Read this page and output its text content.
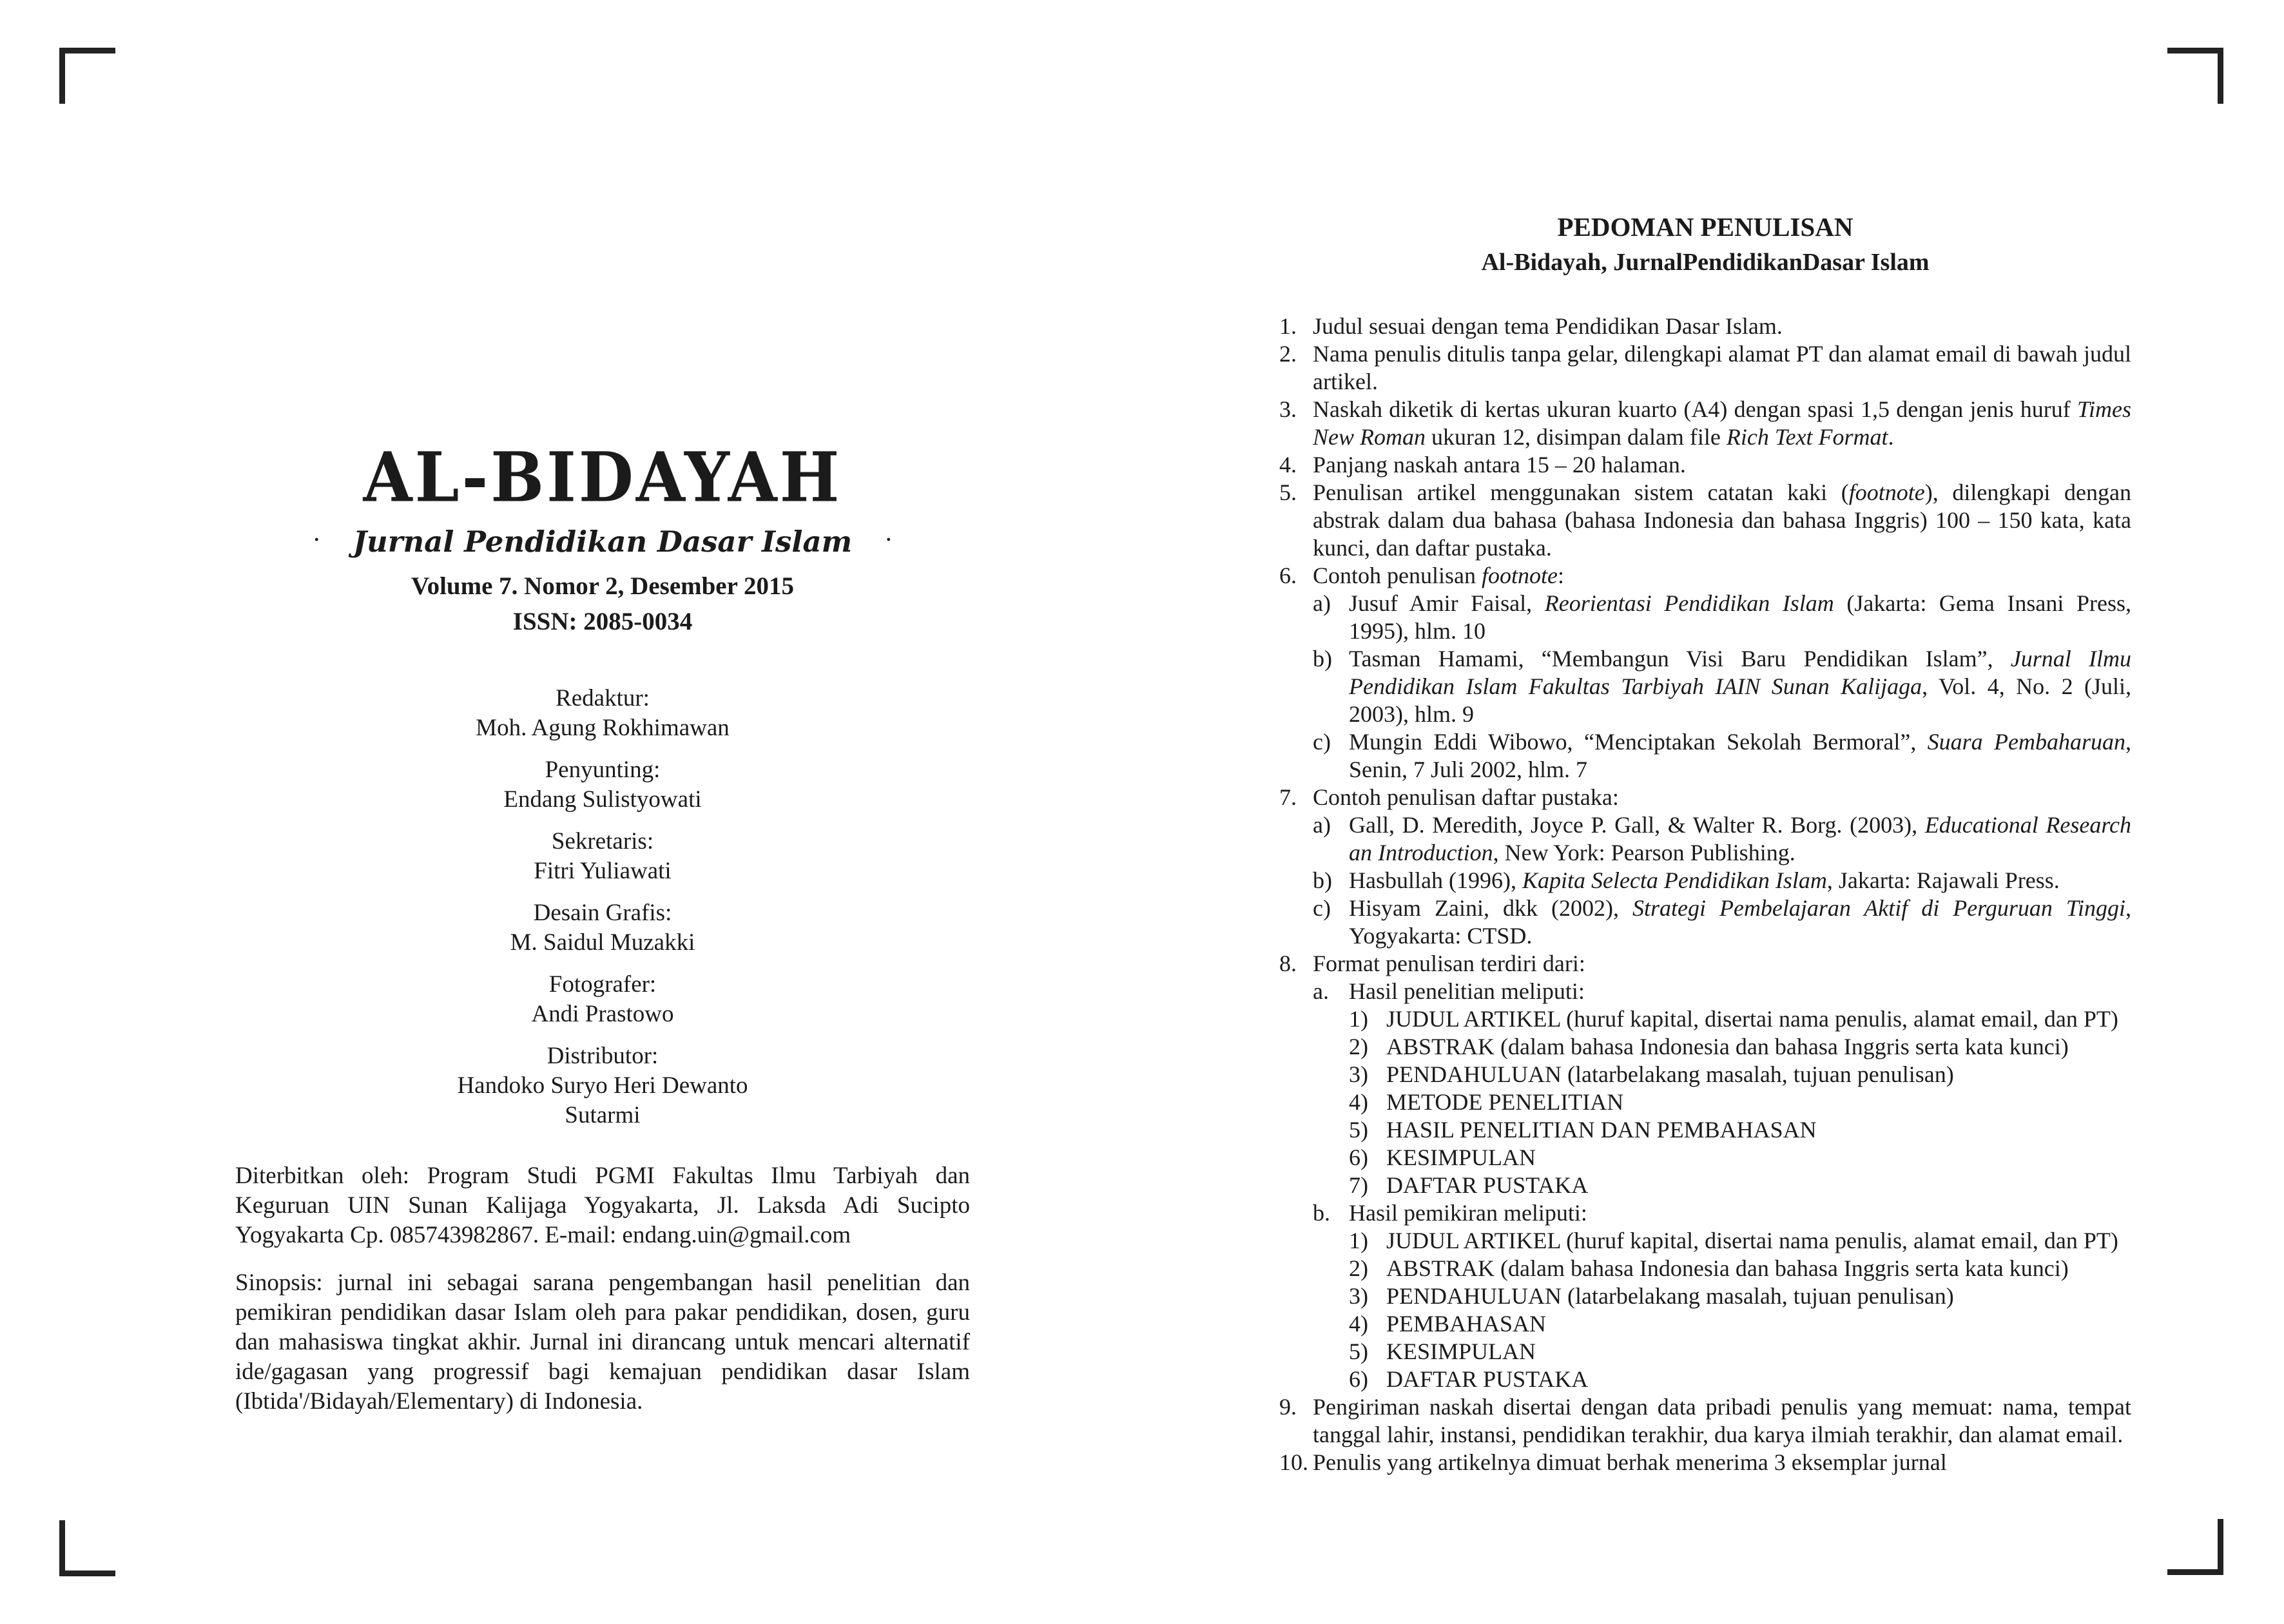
AL-BIDAYAH
· Jurnal Pendidikan Dasar Islam ·
Volume 7. Nomor 2, Desember 2015
ISSN: 2085-0034
Redaktur:
Moh. Agung Rokhimawan
Penyunting:
Endang Sulistyowati
Sekretaris:
Fitri Yuliawati
Desain Grafis:
M. Saidul Muzakki
Fotografer:
Andi Prastowo
Distributor:
Handoko Suryo Heri Dewanto
Sutarmi
Diterbitkan oleh: Program Studi PGMI Fakultas Ilmu Tarbiyah dan Keguruan UIN Sunan Kalijaga Yogyakarta, Jl. Laksda Adi Sucipto Yogyakarta Cp. 085743982867. E-mail: endang.uin@gmail.com
Sinopsis: jurnal ini sebagai sarana pengembangan hasil penelitian dan pemikiran pendidikan dasar Islam oleh para pakar pendidikan, dosen, guru dan mahasiswa tingkat akhir. Jurnal ini dirancang untuk mencari alternatif ide/gagasan yang progressif bagi kemajuan pendidikan dasar Islam (Ibtida'/Bidayah/Elementary) di Indonesia.
PEDOMAN PENULISAN
Al-Bidayah, JurnalPendidikanDasar Islam
1. Judul sesuai dengan tema Pendidikan Dasar Islam.
2. Nama penulis ditulis tanpa gelar, dilengkapi alamat PT dan alamat email di bawah judul artikel.
3. Naskah diketik di kertas ukuran kuarto (A4) dengan spasi 1,5 dengan jenis huruf Times New Roman ukuran 12, disimpan dalam file Rich Text Format.
4. Panjang naskah antara 15 – 20 halaman.
5. Penulisan artikel menggunakan sistem catatan kaki (footnote), dilengkapi dengan abstrak dalam dua bahasa (bahasa Indonesia dan bahasa Inggris) 100 – 150 kata, kata kunci, dan daftar pustaka.
6. Contoh penulisan footnote:
a) Jusuf Amir Faisal, Reorientasi Pendidikan Islam (Jakarta: Gema Insani Press, 1995), hlm. 10
b) Tasman Hamami, “Membangun Visi Baru Pendidikan Islam”, Jurnal Ilmu Pendidikan Islam Fakultas Tarbiyah IAIN Sunan Kalijaga, Vol. 4, No. 2 (Juli, 2003), hlm. 9
c) Mungin Eddi Wibowo, “Menciptakan Sekolah Bermoral”, Suara Pembaharuan, Senin, 7 Juli 2002, hlm. 7
7. Contoh penulisan daftar pustaka:
a) Gall, D. Meredith, Joyce P. Gall, & Walter R. Borg. (2003), Educational Research an Introduction, New York: Pearson Publishing.
b) Hasbullah (1996), Kapita Selecta Pendidikan Islam, Jakarta: Rajawali Press.
c) Hisyam Zaini, dkk (2002), Strategi Pembelajaran Aktif di Perguruan Tinggi, Yogyakarta: CTSD.
8. Format penulisan terdiri dari:
a. Hasil penelitian meliputi:
1) JUDUL ARTIKEL (huruf kapital, disertai nama penulis, alamat email, dan PT)
2) ABSTRAK (dalam bahasa Indonesia dan bahasa Inggris serta kata kunci)
3) PENDAHULUAN (latarbelakang masalah, tujuan penulisan)
4) METODE PENELITIAN
5) HASIL PENELITIAN DAN PEMBAHASAN
6) KESIMPULAN
7) DAFTAR PUSTAKA
b. Hasil pemikiran meliputi:
1) JUDUL ARTIKEL (huruf kapital, disertai nama penulis, alamat email, dan PT)
2) ABSTRAK (dalam bahasa Indonesia dan bahasa Inggris serta kata kunci)
3) PENDAHULUAN (latarbelakang masalah, tujuan penulisan)
4) PEMBAHASAN
5) KESIMPULAN
6) DAFTAR PUSTAKA
9. Pengiriman naskah disertai dengan data pribadi penulis yang memuat: nama, tempat tanggal lahir, instansi, pendidikan terakhir, dua karya ilmiah terakhir, dan alamat email.
10. Penulis yang artikelnya dimuat berhak menerima 3 eksemplar jurnal
